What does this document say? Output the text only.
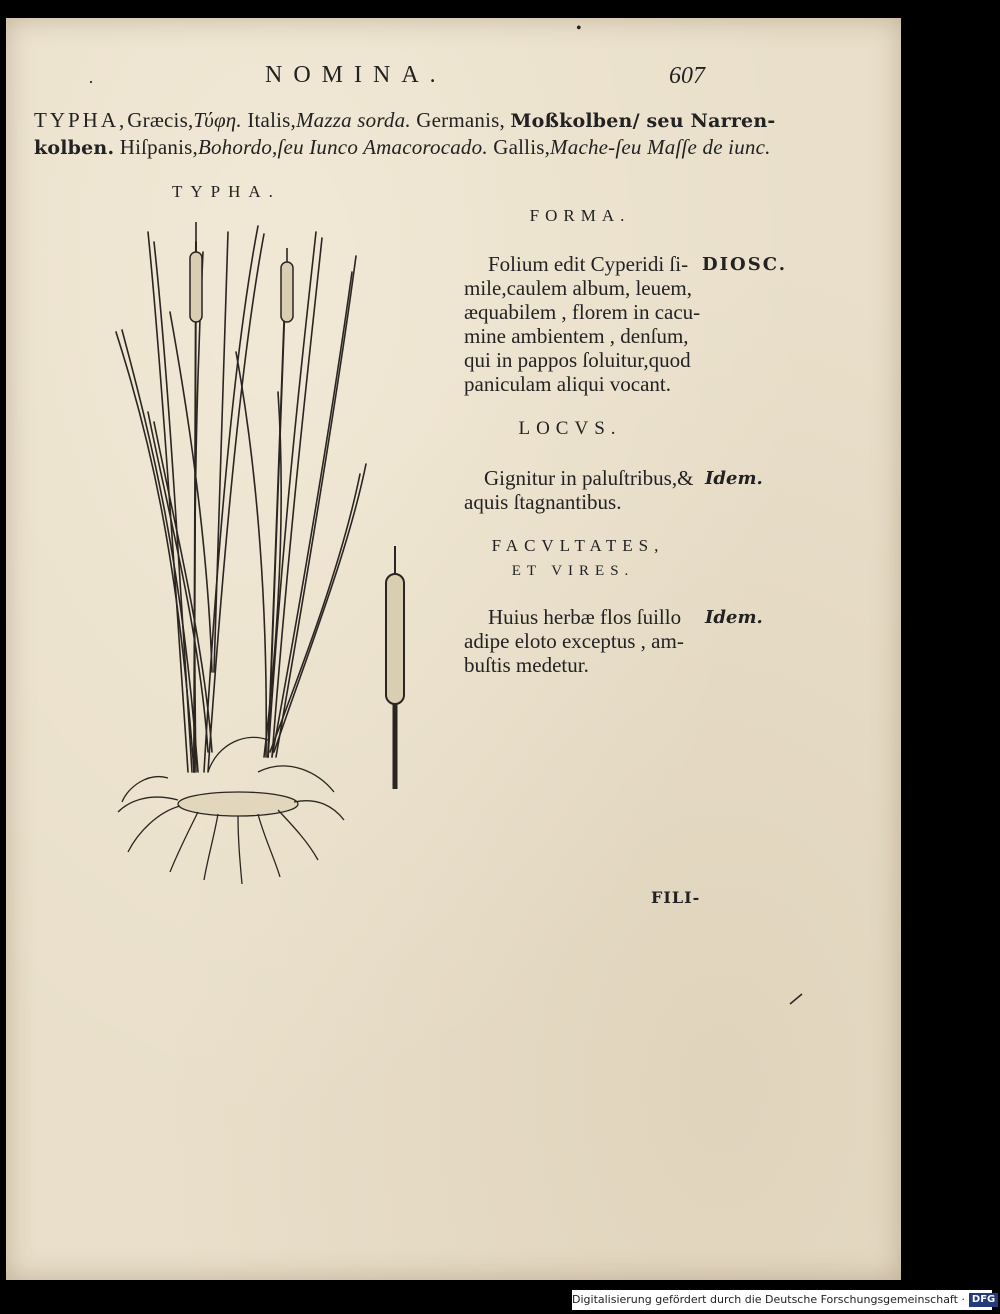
•
·	NOMINA.	607
TYPHA,Græcis,Τύφη. Italis,Mazza sorda. Germanis, Moßkolben/ seu Narren-
kolben. Hiſpanis,Bohordo,ſeu Iunco Amacorocado. Gallis,Mache-ſeu Maſſe de iunc.
TYPHA.
FORMA.
Folium edit Cyperidi ſi-
mile,caulem album, leuem,
æquabilem , florem in cacu-
mine ambientem , denſum,
qui in pappos ſoluitur,quod
paniculam aliqui vocant.
DIOSC.
LOCVS.
Gignitur in paluſtribus,&
aquis ſtagnantibus.
Idem.
FACVLTATES,
ET VIRES.
Huius herbæ flos ſuillo
adipe eloto exceptus , am-
buſtis medetur.
Idem.
FILI-
Digitalisierung gefördert durch die Deutsche Forschungsgemeinschaft · DFG
